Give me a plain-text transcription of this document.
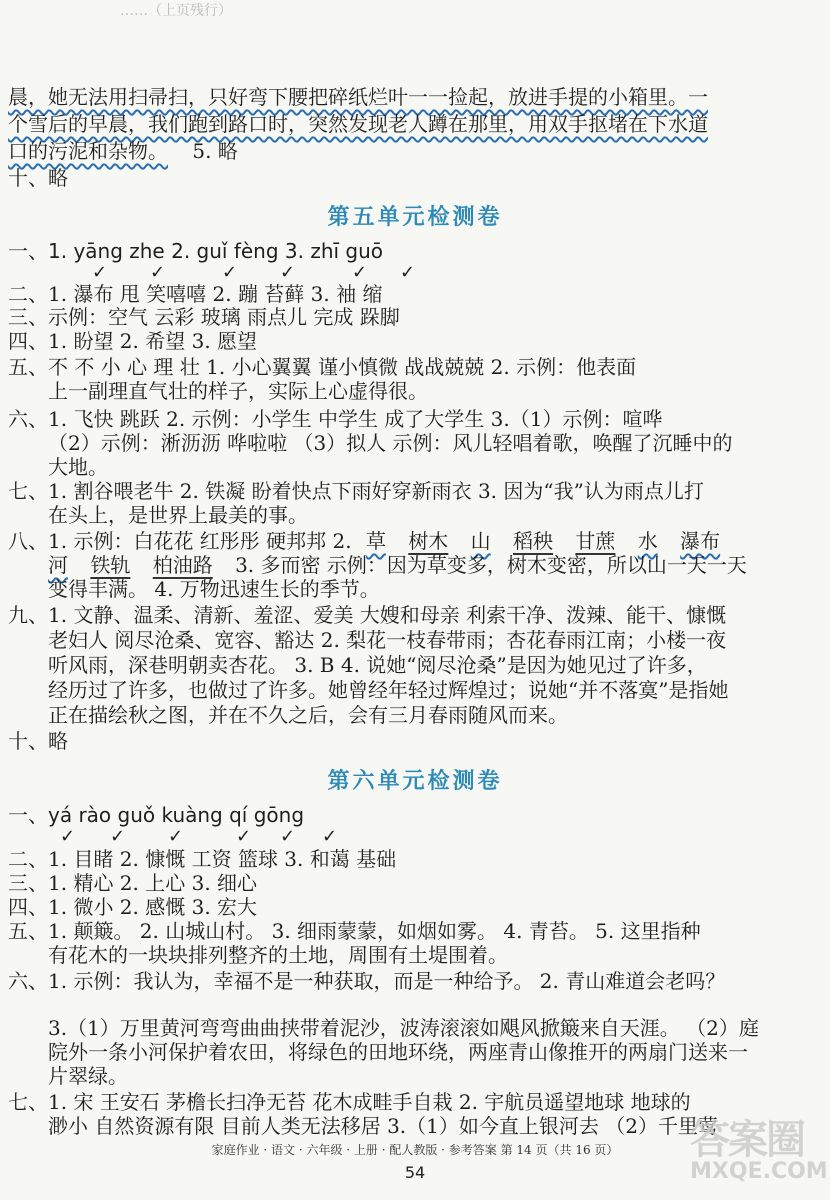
……（上页残行）
晨，她无法用扫帚扫，只好弯下腰把碎纸烂叶一一捡起，放进手提的小箱里。一
个雪后的早晨，我们跑到路口时，突然发现老人蹲在那里，用双手抠堵在下水道
口的污泥和杂物。 5. 略
十、略
第五单元检测卷
一、1. yāng zhe 2. guǐ fèng 3. zhī guō
✓ ✓	✓ ✓	✓ ✓
二、1. 瀑布 甩 笑嘻嘻 2. 蹦 苔藓 3. 袖 缩
三、示例：空气 云彩 玻璃 雨点儿 完成 跺脚
四、1. 盼望 2. 希望 3. 愿望
五、不 不 小 心 理 壮 1. 小心翼翼 谨小慎微 战战兢兢 2. 示例：他表面
上一副理直气壮的样子，实际上心虚得很。
六、1. 飞快 跳跃 2. 示例：小学生 中学生 成了大学生 3.（1）示例：喧哗
（2）示例：淅沥沥 哗啦啦 （3）拟人 示例：风儿轻唱着歌，唤醒了沉睡中的
大地。
七、1. 割谷喂老牛 2. 铁凝 盼着快点下雨好穿新雨衣 3. 因为“我”认为雨点儿打
在头上，是世界上最美的事。
八、1. 示例：白花花 红彤彤 硬邦邦 2. 草 树木 山 稻秧 甘蔗 水 瀑布
河 铁轨 柏油路 3. 多而密 示例：因为草变多，树木变密，所以山一天一天
变得丰满。 4. 万物迅速生长的季节。
九、1. 文静、温柔、清新、羞涩、爱美 大嫂和母亲 利索干净、泼辣、能干、慷慨
老妇人 阅尽沧桑、宽容、豁达 2. 梨花一枝春带雨；杏花春雨江南；小楼一夜
听风雨，深巷明朝卖杏花。 3. B 4. 说她“阅尽沧桑”是因为她见过了许多，
经历过了许多，也做过了许多。她曾经年轻过辉煌过；说她“并不落寞”是指她
正在描绘秋之图，并在不久之后，会有三月春雨随风而来。
十、略
第六单元检测卷
一、yá rào guǒ kuàng qí gōng
✓ ✓ ✓	✓ ✓ ✓
二、1. 目睹 2. 慷慨 工资 篮球 3. 和蔼 基础
三、1. 精心 2. 上心 3. 细心
四、1. 微小 2. 感慨 3. 宏大
五、1. 颠簸。 2. 山城山村。 3. 细雨蒙蒙，如烟如雾。 4. 青苔。 5. 这里指种
有花木的一块块排列整齐的土地，周围有土堤围着。
六、1. 示例：我认为，幸福不是一种获取，而是一种给予。 2. 青山难道会老吗？
3.（1）万里黄河弯弯曲曲挟带着泥沙，波涛滚滚如飓风掀簸来自天涯。 （2）庭
院外一条小河保护着农田，将绿色的田地环绕，两座青山像推开的两扇门送来一
片翠绿。
七、1. 宋 王安石 茅檐长扫净无苔 花木成畦手自栽 2. 宇航员遥望地球 地球的
渺小 自然资源有限 目前人类无法移居 3.（1）如今直上银河去 （2）千里莺
家庭作业 · 语文 · 六年级 · 上册 · 配人教版 · 参考答案 第 14 页（共 16 页）
54
答案圈
MXQE.COM
